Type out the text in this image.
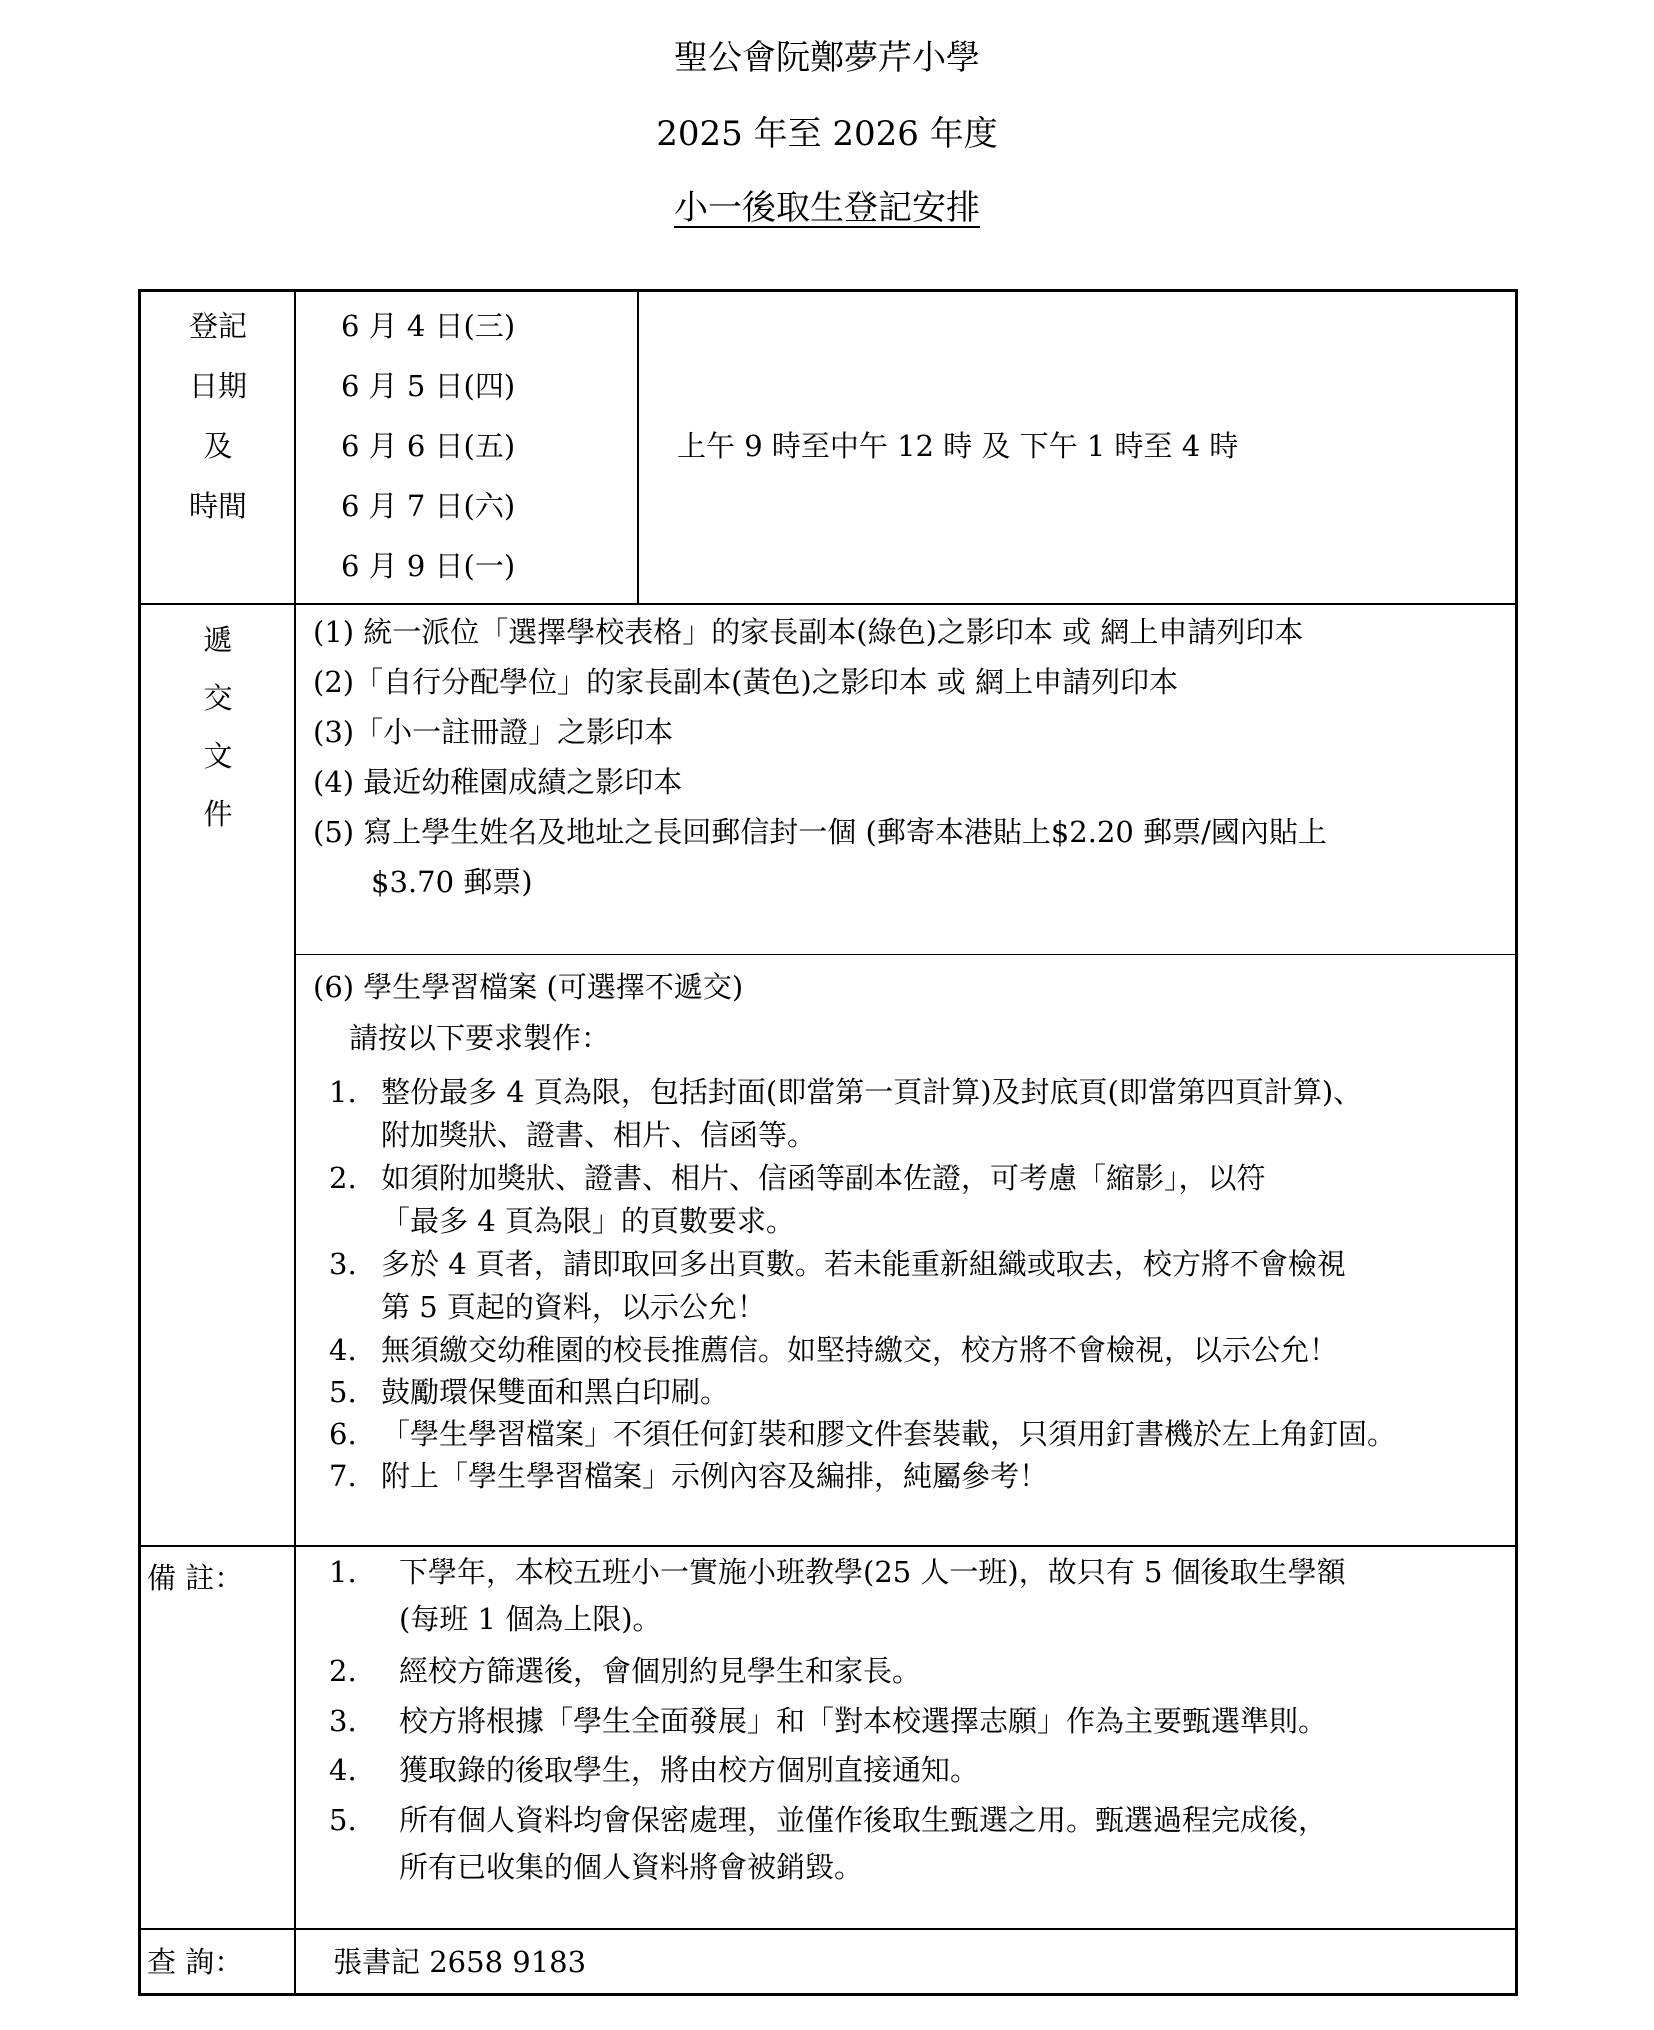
聖公會阮鄭夢芹小學
2025 年至 2026 年度
小一後取生登記安排
登記
日期
及
時間
6 月 4 日(三)
6 月 5 日(四)
6 月 6 日(五)
6 月 7 日(六)
6 月 9 日(一)
上午 9 時至中午 12 時 及 下午 1 時至 4 時
遞
交
文
件
(1) 統一派位「選擇學校表格」的家長副本(綠色)之影印本 或 網上申請列印本
(2)「自行分配學位」的家長副本(黃色)之影印本 或 網上申請列印本
(3)「小一註冊證」之影印本
(4) 最近幼稚園成績之影印本
(5) 寫上學生姓名及地址之長回郵信封一個 (郵寄本港貼上$2.20 郵票/國內貼上
$3.70 郵票)
(6) 學生學習檔案 (可選擇不遞交)
請按以下要求製作：
1. 整份最多 4 頁為限，包括封面(即當第一頁計算)及封底頁(即當第四頁計算)、
附加獎狀、證書、相片、信函等。
2. 如須附加獎狀、證書、相片、信函等副本佐證，可考慮「縮影」，以符
「最多 4 頁為限」的頁數要求。
3. 多於 4 頁者，請即取回多出頁數。若未能重新組織或取去，校方將不會檢視
第 5 頁起的資料，以示公允！
4. 無須繳交幼稚園的校長推薦信。如堅持繳交，校方將不會檢視，以示公允！
5. 鼓勵環保雙面和黑白印刷。
6. 「學生學習檔案」不須任何釘裝和膠文件套裝載，只須用釘書機於左上角釘固。
7. 附上「學生學習檔案」示例內容及編排，純屬參考！
備 註：	1. 下學年，本校五班小一實施小班教學(25 人一班)，故只有 5 個後取生學額
(每班 1 個為上限)。
2. 經校方篩選後，會個別約見學生和家長。
3. 校方將根據「學生全面發展」和「對本校選擇志願」作為主要甄選準則。
4. 獲取錄的後取學生，將由校方個別直接通知。
5. 所有個人資料均會保密處理，並僅作後取生甄選之用。甄選過程完成後，
所有已收集的個人資料將會被銷毀。
查 詢：	張書記 2658 9183
